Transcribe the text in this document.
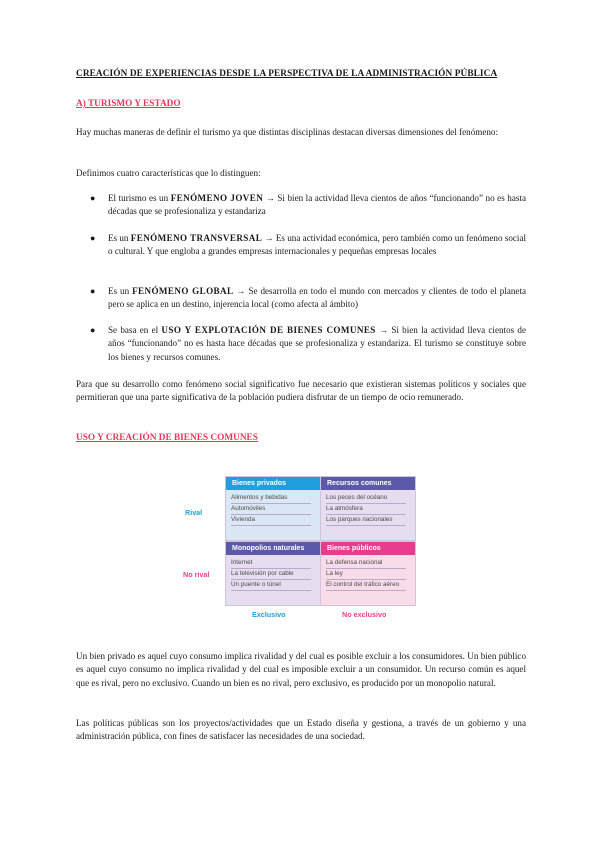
CREACIÓN DE EXPERIENCIAS DESDE LA PERSPECTIVA DE LA ADMINISTRACIÓN PÚBLICA
A) TURISMO Y ESTADO
Hay muchas maneras de definir el turismo ya que distintas disciplinas destacan diversas dimensiones del fenómeno:
Definimos cuatro características que lo distinguen:
● El turismo es un FENÓMENO JOVEN → Si bien la actividad lleva cientos de años “funcionando” no es hasta décadas que se profesionaliza y estandariza
● Es un FENÓMENO TRANSVERSAL → Es una actividad económica, pero también como un fenómeno social o cultural. Y que engloba a grandes empresas internacionales y pequeñas empresas locales
● Es un FENÓMENO GLOBAL → Se desarrolla en todo el mundo con mercados y clientes de todo el planeta pero se aplica en un destino, injerencia local (como afecta al ámbito)
● Se basa en el USO Y EXPLOTACIÓN DE BIENES COMUNES → Si bien la actividad lleva cientos de años “funcionando” no es hasta hace décadas que se profesionaliza y estandariza. El turismo se constituye sobre los bienes y recursos comunes.
Para que su desarrollo como fenómeno social significativo fue necesario que existieran sistemas políticos y sociales que permitieran que una parte significativa de la población pudiera disfrutar de un tiempo de ocio remunerado.
USO Y CREACIÓN DE BIENES COMUNES
Rival
No rival
Bienes privados
Alimentos y bebidas
Automóviles
Vivienda
Recursos comunes
Los peces del océano
La atmósfera
Los parques nacionales
Monopolios naturales
Internet
La televisión por cable
Un puente o túnel
Bienes públicos
La defensa nacional
La ley
El control del tráfico aéreo
Exclusivo	No exclusivo
Un bien privado es aquel cuyo consumo implica rivalidad y del cual es posible excluir a los consumidores. Un bien público es aquel cuyo consumo no implica rivalidad y del cual es imposible excluir a un consumidor. Un recurso común es aquel que es rival, pero no exclusivo. Cuando un bien es no rival, pero exclusivo, es producido por un monopolio natural.
Las políticas públicas son los proyectos/actividades que un Estado diseña y gestiona, a través de un gobierno y una administración pública, con fines de satisfacer las necesidades de una sociedad.
